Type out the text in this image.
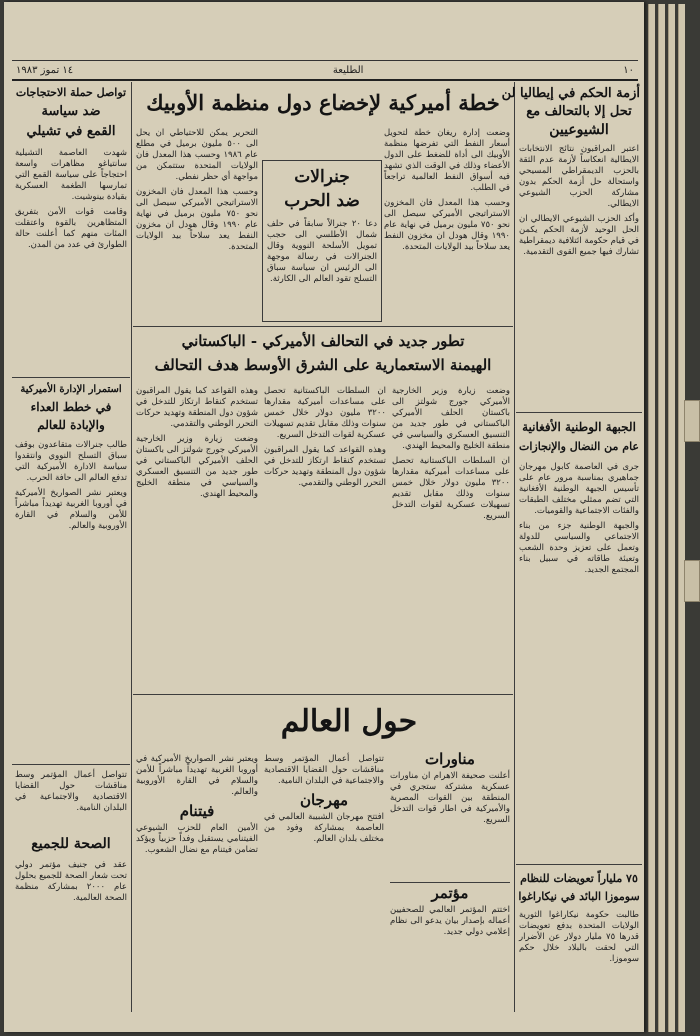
١٤ تموز ١٩٨٣	الطليعة	١٠
أزمة الحكم في إيطاليا لن
تحل إلا بالتحالف مع
الشيوعيين
اعتبر المراقبون نتائج الانتخابات الايطالية انعكاساً لأزمة عدم الثقة بالحزب الديمقراطي المسيحي واستحالة حل أزمة الحكم بدون مشاركة الحزب الشيوعي الايطالي.
وأكد الحزب الشيوعي الايطالي ان الحل الوحيد لأزمة الحكم يكمن في قيام حكومة ائتلافية ديمقراطية تشارك فيها جميع القوى التقدمية.
الجبهة الوطنية الأفغانية
عام من النضال والإنجازات
جرى في العاصمة كابول مهرجان جماهيري بمناسبة مرور عام على تأسيس الجبهة الوطنية الأفغانية التي تضم ممثلي مختلف الطبقات والفئات الاجتماعية والقوميات.
والجبهة الوطنية جزء من بناء الاجتماعي والسياسي للدولة وتعمل على تعزيز وحدة الشعب وتعبئة طاقاته في سبيل بناء المجتمع الجديد.
٧٥ ملياراً تعويضات للنظام
سوموزا البائد في نيكاراغوا
طالبت حكومة نيكاراغوا الثورية الولايات المتحدة بدفع تعويضات قدرها ٧٥ مليار دولار عن الأضرار التي لحقت بالبلاد خلال حكم سوموزا.
خطة أميركية لإخضاع دول منظمة الأوبيك
وضعت إدارة ريغان خطة لتحويل أسعار النفط التي تفرضها منظمة الأوبيك الى أداة للضغط على الدول الأعضاء وذلك في الوقت الذي تشهد فيه أسواق النفط العالمية تراجعاً في الطلب.
وحسب هذا المعدل فان المخزون الاستراتيجي الأميركي سيصل الى نحو ٧٥٠ مليون برميل في نهاية عام ١٩٩٠ وقال هودل ان مخزون النفط يعد سلاحاً بيد الولايات المتحدة.
جنرالات
ضد الحرب
دعا ٢٠ جنرالاً سابقاً في حلف شمال الأطلسي الى حجب تمويل الأسلحة النووية وقال الجنرالات في رسالة موجهة الى الرئيس ان سياسة سباق التسلح تقود العالم الى الكارثة.
التحرير يمكن للاحتياطي ان يحل الى ٥٠٠ مليون برميل في مطلع عام ١٩٨٦ وحسب هذا المعدل فان الولايات المتحدة ستتمكن من مواجهة أي حظر نفطي.
وحسب هذا المعدل فان المخزون الاستراتيجي الأميركي سيصل الى نحو ٧٥٠ مليون برميل في نهاية عام ١٩٩٠ وقال هودل ان مخزون النفط يعد سلاحاً بيد الولايات المتحدة.
تطور جديد في التحالف الأميركي - الباكستاني
الهيمنة الاستعمارية على الشرق الأوسط هدف التحالف
وضعت زيارة وزير الخارجية الأميركي جورج شولتز الى باكستان الحلف الأميركي الباكستاني في طور جديد من التنسيق العسكري والسياسي في منطقة الخليج والمحيط الهندي.
ان السلطات الباكستانية تحصل على مساعدات أميركية مقدارها ٣٢٠٠ مليون دولار خلال خمس سنوات وذلك مقابل تقديم تسهيلات عسكرية لقوات التدخل السريع.
ان السلطات الباكستانية تحصل على مساعدات أميركية مقدارها ٣٢٠٠ مليون دولار خلال خمس سنوات وذلك مقابل تقديم تسهيلات عسكرية لقوات التدخل السريع.
وهذه القواعد كما يقول المراقبون تستخدم كنقاط ارتكاز للتدخل في شؤون دول المنطقة وتهديد حركات التحرر الوطني والتقدمي.
وهذه القواعد كما يقول المراقبون تستخدم كنقاط ارتكاز للتدخل في شؤون دول المنطقة وتهديد حركات التحرر الوطني والتقدمي.
وضعت زيارة وزير الخارجية الأميركي جورج شولتز الى باكستان الحلف الأميركي الباكستاني في طور جديد من التنسيق العسكري والسياسي في منطقة الخليج والمحيط الهندي.
حول العالم
مناورات
أعلنت صحيفة الاهرام ان مناورات عسكرية مشتركة ستجري في المنطقة بين القوات المصرية والأميركية في اطار قوات التدخل السريع.
مؤتمر
اختتم المؤتمر العالمي للصحفيين أعماله بإصدار بيان يدعو الى نظام إعلامي دولي جديد.
تتواصل أعمال المؤتمر وسط مناقشات حول القضايا الاقتصادية والاجتماعية في البلدان النامية.
مهرجان
افتتح مهرجان الشبيبة العالمي في العاصمة بمشاركة وفود من مختلف بلدان العالم.
ويعتبر نشر الصواريخ الأميركية في أوروبا الغربية تهديداً مباشراً للأمن والسلام في القارة الأوروبية والعالم.
فيتنام
الأمين العام للحزب الشيوعي الفيتنامي يستقبل وفداً حزبياً ويؤكد تضامن فيتنام مع نضال الشعوب.
تواصل حملة الاحتجاجات
ضد سياسة
القمع في تشيلي
شهدت العاصمة التشيلية سانتياغو مظاهرات واسعة احتجاجاً على سياسة القمع التي تمارسها الطغمة العسكرية بقيادة بينوشيت.
وقامت قوات الأمن بتفريق المتظاهرين بالقوة واعتقلت المئات منهم كما أعلنت حالة الطوارئ في عدد من المدن.
استمرار الإدارة الأميركية
في خطط العداء
والإبادة للعالم
طالب جنرالات متقاعدون بوقف سباق التسلح النووي وانتقدوا سياسة الادارة الأميركية التي تدفع العالم الى حافة الحرب.
ويعتبر نشر الصواريخ الأميركية في أوروبا الغربية تهديداً مباشراً للأمن والسلام في القارة الأوروبية والعالم.
تتواصل أعمال المؤتمر وسط مناقشات حول القضايا الاقتصادية والاجتماعية في البلدان النامية.
الصحة للجميع
عقد في جنيف مؤتمر دولي تحت شعار الصحة للجميع بحلول عام ٢٠٠٠ بمشاركة منظمة الصحة العالمية.
